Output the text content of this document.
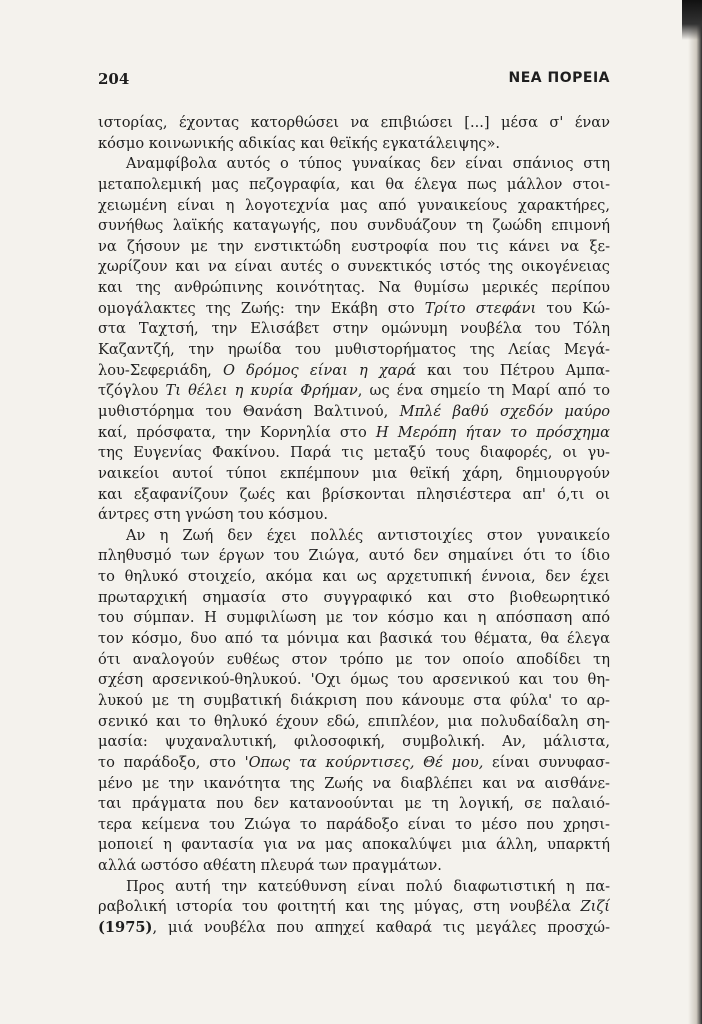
204	ΝΕΑ ΠΟΡΕΙΑ
ιστορίας, έχοντας κατορθώσει να επιβιώσει [...] μέσα σ' έναν
κόσμο κοινωνικής αδικίας και θεϊκής εγκατάλειψης».
Αναμφίβολα αυτός ο τύπος γυναίκας δεν είναι σπάνιος στη
μεταπολεμική μας πεζογραφία, και θα έλεγα πως μάλλον στοι-
χειωμένη είναι η λογοτεχνία μας από γυναικείους χαρακτήρες,
συνήθως λαϊκής καταγωγής, που συνδυάζουν τη ζωώδη επιμονή
να ζήσουν με την ενστικτώδη ευστροφία που τις κάνει να ξε-
χωρίζουν και να είναι αυτές ο συνεκτικός ιστός της οικογένειας
και της ανθρώπινης κοινότητας. Να θυμίσω μερικές περίπου
ομογάλακτες της Ζωής: την Εκάβη στο Τρίτο στεφάνι του Κώ-
στα Ταχτσή, την Ελισάβετ στην ομώνυμη νουβέλα του Τόλη
Καζαντζή, την ηρωίδα του μυθιστορήματος της Λείας Μεγά-
λου-Σεφεριάδη, Ο δρόμος είναι η χαρά και του Πέτρου Αμπα-
τζόγλου Τι θέλει η κυρία Φρήμαν, ως ένα σημείο τη Μαρί από το
μυθιστόρημα του Θανάση Βαλτινού, Μπλέ βαθύ σχεδόν μαύρο
καί, πρόσφατα, την Κορνηλία στο Η Μερόπη ήταν το πρόσχημα
της Ευγενίας Φακίνου. Παρά τις μεταξύ τους διαφορές, οι γυ-
ναικείοι αυτοί τύποι εκπέμπουν μια θεϊκή χάρη, δημιουργούν
και εξαφανίζουν ζωές και βρίσκονται πλησιέστερα απ' ό,τι οι
άντρες στη γνώση του κόσμου.
Αν η Ζωή δεν έχει πολλές αντιστοιχίες στον γυναικείο
πληθυσμό των έργων του Ζιώγα, αυτό δεν σημαίνει ότι το ίδιο
το θηλυκό στοιχείο, ακόμα και ως αρχετυπική έννοια, δεν έχει
πρωταρχική σημασία στο συγγραφικό και στο βιοθεωρητικό
του σύμπαν. Η συμφιλίωση με τον κόσμο και η απόσπαση από
τον κόσμο, δυο από τα μόνιμα και βασικά του θέματα, θα έλεγα
ότι αναλογούν ευθέως στον τρόπο με τον οποίο αποδίδει τη
σχέση αρσενικού-θηλυκού. 'Οχι όμως του αρσενικού και του θη-
λυκού με τη συμβατική διάκριση που κάνουμε στα φύλα' το αρ-
σενικό και το θηλυκό έχουν εδώ, επιπλέον, μια πολυδαίδαλη ση-
μασία: ψυχαναλυτική, φιλοσοφική, συμβολική. Αν, μάλιστα,
το παράδοξο, στο 'Οπως τα κούρντισες, Θέ μου, είναι συνυφασ-
μένο με την ικανότητα της Ζωής να διαβλέπει και να αισθάνε-
ται πράγματα που δεν κατανοούνται με τη λογική, σε παλαιό-
τερα κείμενα του Ζιώγα το παράδοξο είναι το μέσο που χρησι-
μοποιεί η φαντασία για να μας αποκαλύψει μια άλλη, υπαρκτή
αλλά ωστόσο αθέατη πλευρά των πραγμάτων.
Προς αυτή την κατεύθυνση είναι πολύ διαφωτιστική η πα-
ραβολική ιστορία του φοιτητή και της μύγας, στη νουβέλα Ζιζί
(1975), μιά νουβέλα που απηχεί καθαρά τις μεγάλες προσχώ-
